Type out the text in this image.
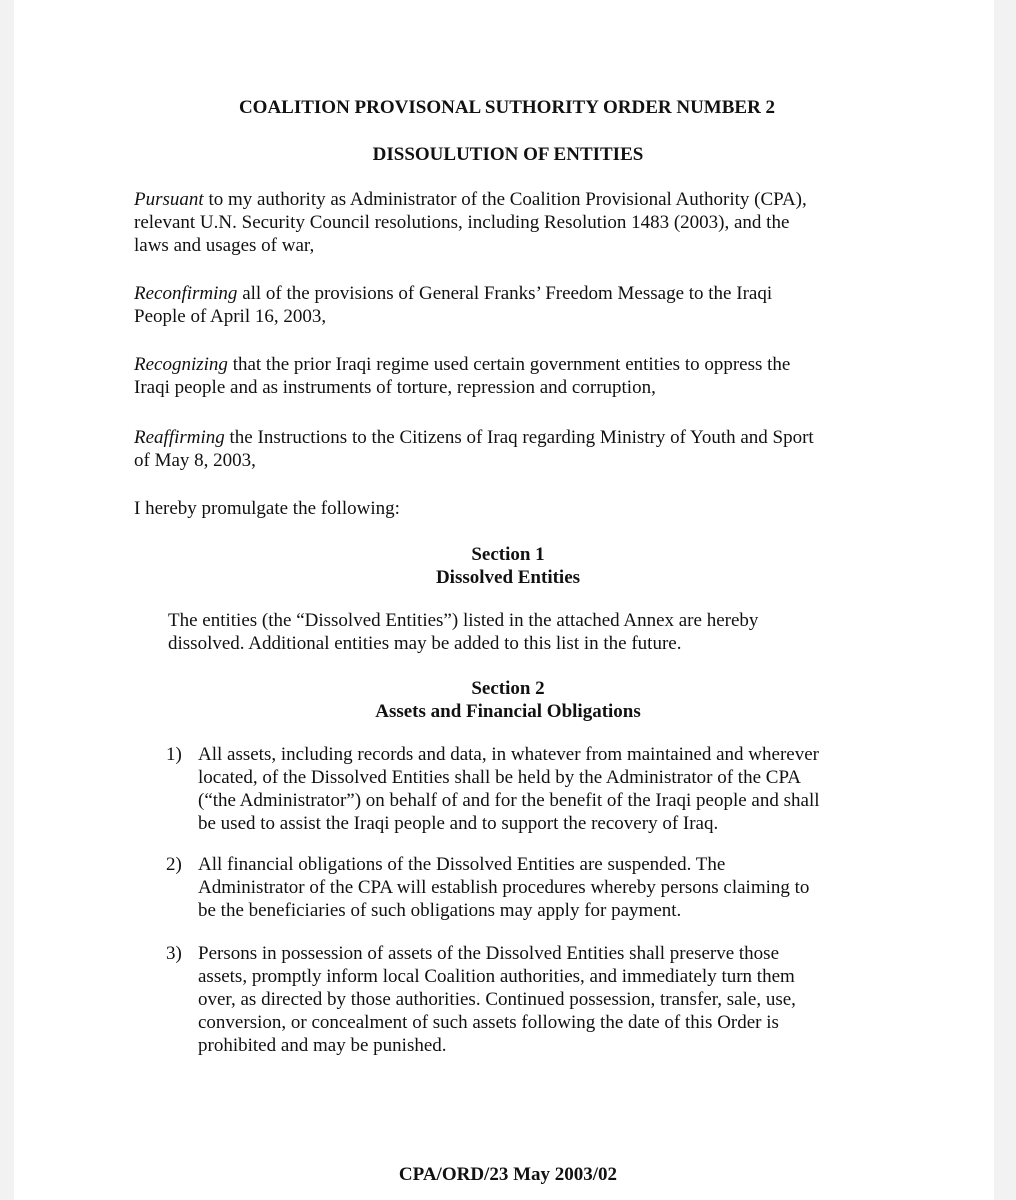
COALITION PROVISONAL SUTHORITY ORDER NUMBER 2
DISSOULUTION OF ENTITIES

Pursuant to my authority as Administrator of the Coalition Provisional Authority (CPA),

relevant U.N. Security Council resolutions, including Resolution 1483 (2003), and the

laws and usages of war,

Reconfirming all of the provisions of General Franks’ Freedom Message to the Iraqi

People of April 16, 2003,

Recognizing that the prior Iraqi regime used certain government entities to oppress the

Iraqi people and as instruments of torture, repression and corruption,

Reaffirming the Instructions to the Citizens of Iraq regarding Ministry of Youth and Sport

of May 8, 2003,

I hereby promulgate the following:

Section 1
Dissolved Entities

The entities (the “Dissolved Entities”) listed in the attached Annex are hereby

dissolved. Additional entities may be added to this list in the future.

Section 2
Assets and Financial Obligations
1) All assets, including records and data, in whatever from maintained and wherever
located, of the Dissolved Entities shall be held by the Administrator of the CPA
(“the Administrator”) on behalf of and for the benefit of the Iraqi people and shall
be used to assist the Iraqi people and to support the recovery of Iraq.
2) All financial obligations of the Dissolved Entities are suspended. The
Administrator of the CPA will establish procedures whereby persons claiming to
be the beneficiaries of such obligations may apply for payment.
3) Persons in possession of assets of the Dissolved Entities shall preserve those
assets, promptly inform local Coalition authorities, and immediately turn them
over, as directed by those authorities. Continued possession, transfer, sale, use,
conversion, or concealment of such assets following the date of this Order is
prohibited and may be punished.
CPA/ORD/23 May 2003/02
